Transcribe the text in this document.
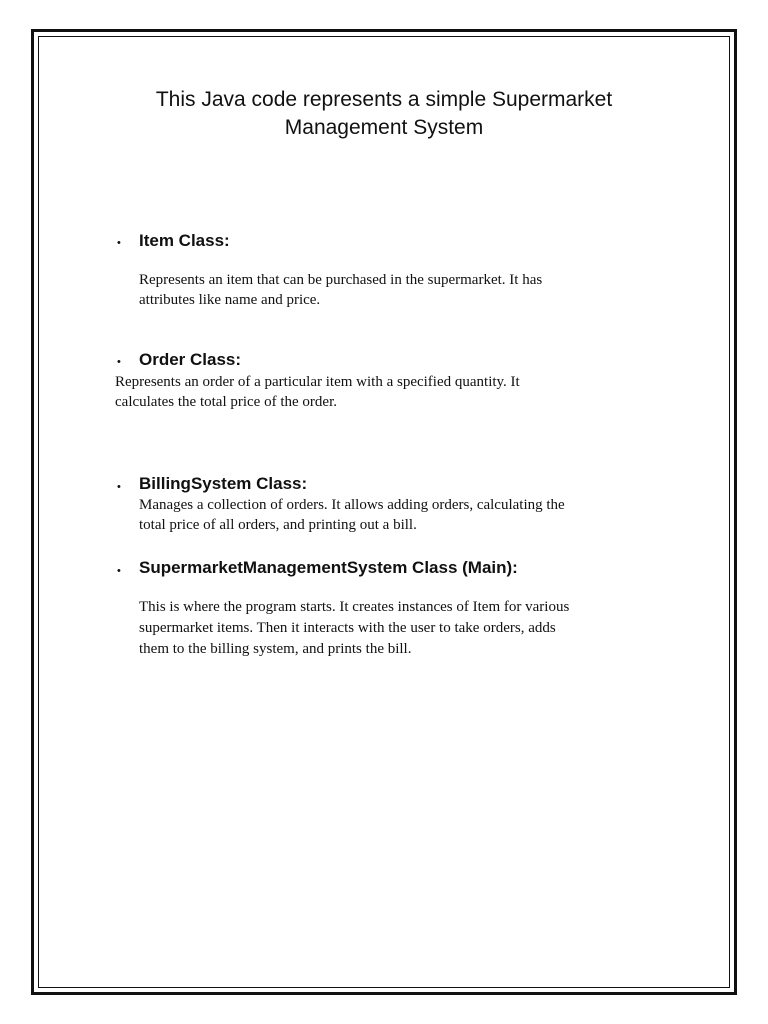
This Java code represents a simple Supermarket
Management System
• Item Class:

Represents an item that can be purchased in the supermarket. It has
attributes like name and price.

• Order Class:

Represents an order of a particular item with a specified quantity. It
calculates the total price of the order.

• BillingSystem Class:

Manages a collection of orders. It allows adding orders, calculating the
total price of all orders, and printing out a bill.

• SupermarketManagementSystem Class (Main):

This is where the program starts. It creates instances of Item for various
supermarket items. Then it interacts with the user to take orders, adds
them to the billing system, and prints the bill.
